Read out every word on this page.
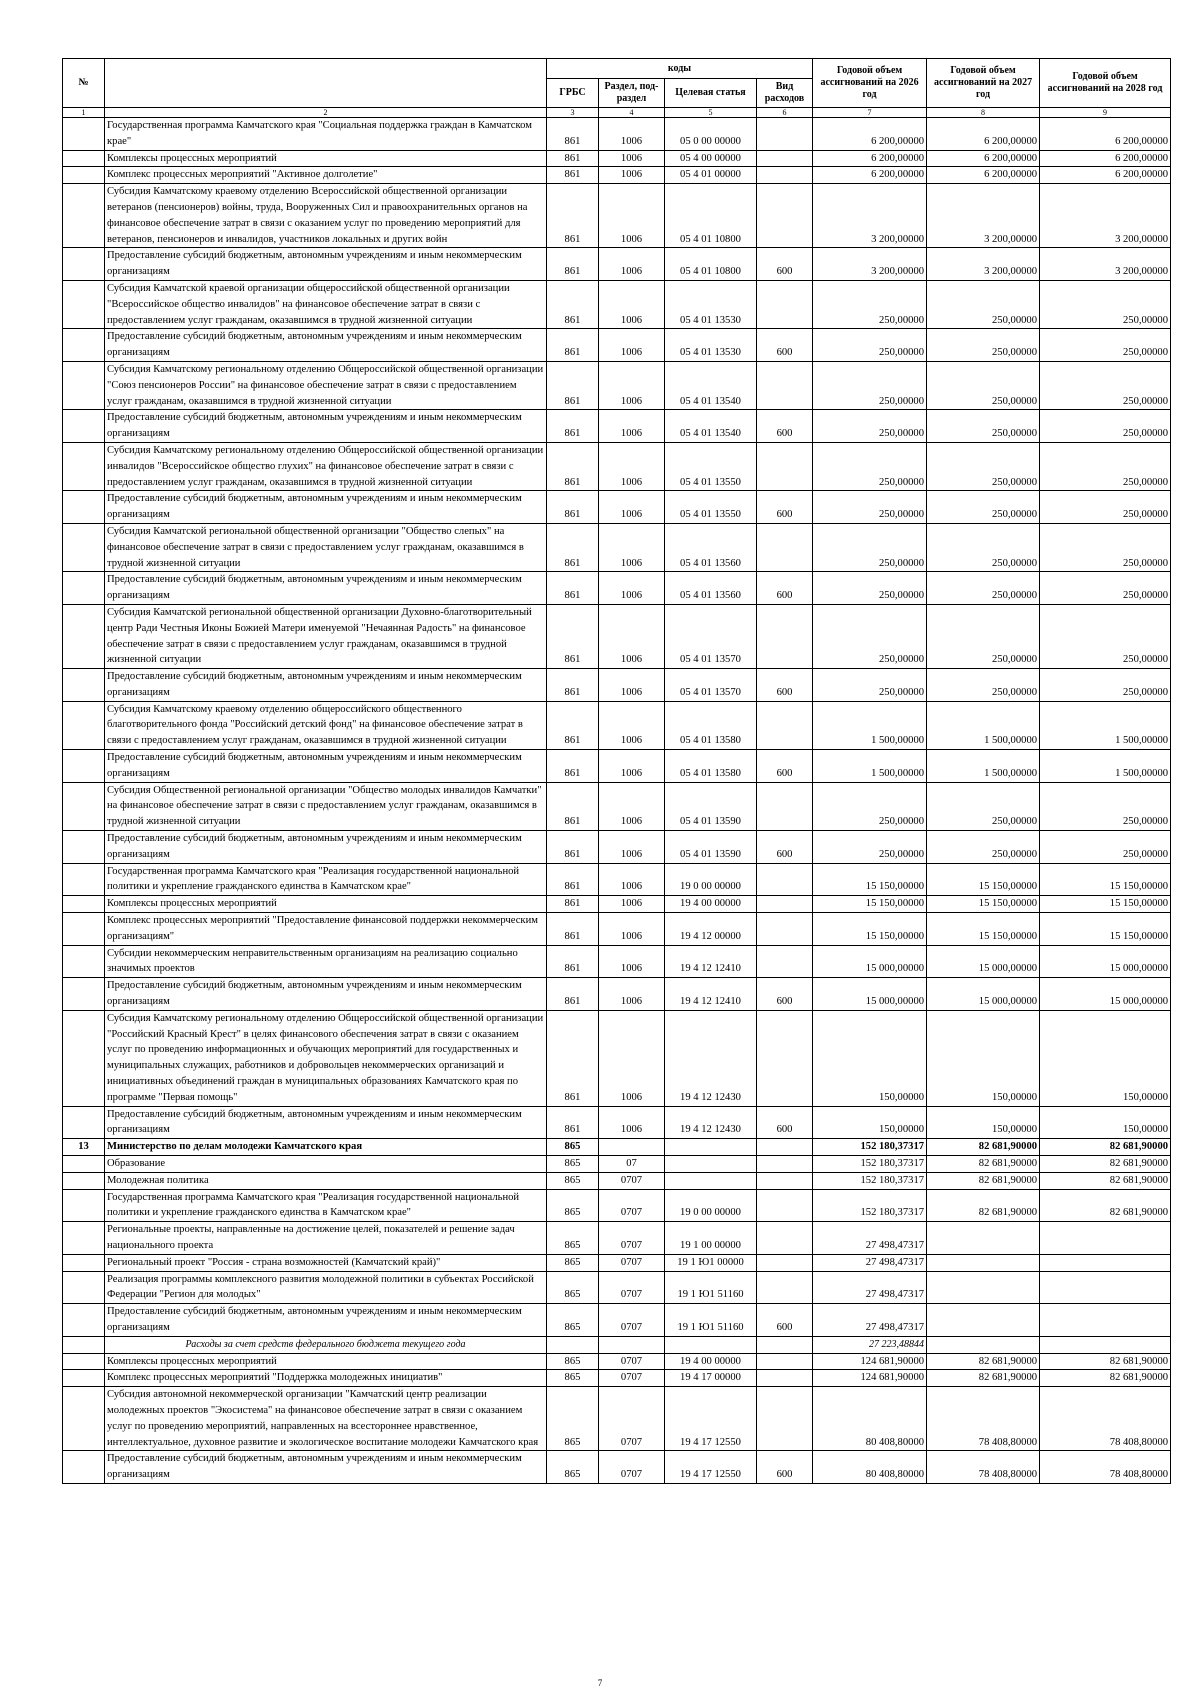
№		коды				Годовой объем ассигнований на 2026 год	Годовой объем ассигнований на 2027 год	Годовой объем ассигнований на 2028 год
		ГРБС	Раздел, под-раздел	Целевая статья	Вид расходов			
1	2	3	4	5	6	7	8	9
	Государственная программа Камчатского края "Социальная поддержка граждан в Камчатском крае"	861	1006	05 0 00 00000		6 200,00000	6 200,00000	6 200,00000
	Комплексы процессных мероприятий	861	1006	05 4 00 00000		6 200,00000	6 200,00000	6 200,00000
	Комплекс процессных мероприятий "Активное долголетие"	861	1006	05 4 01 00000		6 200,00000	6 200,00000	6 200,00000
	Субсидия Камчатскому краевому отделению Всероссийской общественной организации ветеранов (пенсионеров) войны, труда, Вооруженных Сил и правоохранительных органов на финансовое обеспечение затрат в связи с оказанием услуг по проведению мероприятий для ветеранов, пенсионеров и инвалидов, участников локальных и других войн	861	1006	05 4 01 10800		3 200,00000	3 200,00000	3 200,00000
	Предоставление субсидий бюджетным, автономным учреждениям и иным некоммерческим организациям	861	1006	05 4 01 10800	600	3 200,00000	3 200,00000	3 200,00000
	Субсидия Камчатской краевой организации общероссийской общественной организации "Всероссийское общество инвалидов" на финансовое обеспечение затрат в связи с предоставлением услуг гражданам, оказавшимся в трудной жизненной ситуации	861	1006	05 4 01 13530		250,00000	250,00000	250,00000
	Предоставление субсидий бюджетным, автономным учреждениям и иным некоммерческим организациям	861	1006	05 4 01 13530	600	250,00000	250,00000	250,00000
	Субсидия Камчатскому региональному отделению Общероссийской общественной организации "Союз пенсионеров России" на финансовое обеспечение затрат в связи с предоставлением услуг гражданам, оказавшимся в трудной жизненной ситуации	861	1006	05 4 01 13540		250,00000	250,00000	250,00000
	Предоставление субсидий бюджетным, автономным учреждениям и иным некоммерческим организациям	861	1006	05 4 01 13540	600	250,00000	250,00000	250,00000
	Субсидия Камчатскому региональному отделению Общероссийской общественной организации инвалидов "Всероссийское общество глухих" на финансовое обеспечение затрат в связи с предоставлением услуг гражданам, оказавшимся в трудной жизненной ситуации	861	1006	05 4 01 13550		250,00000	250,00000	250,00000
	Предоставление субсидий бюджетным, автономным учреждениям и иным некоммерческим организациям	861	1006	05 4 01 13550	600	250,00000	250,00000	250,00000
	Субсидия Камчатской региональной общественной организации "Общество слепых" на финансовое обеспечение затрат в связи с предоставлением услуг гражданам, оказавшимся в трудной жизненной ситуации	861	1006	05 4 01 13560		250,00000	250,00000	250,00000
	Предоставление субсидий бюджетным, автономным учреждениям и иным некоммерческим организациям	861	1006	05 4 01 13560	600	250,00000	250,00000	250,00000
	Субсидия Камчатской региональной общественной организации Духовно-благотворительный центр Ради Честныя Иконы Божией Матери именуемой "Нечаянная Радость" на финансовое обеспечение затрат в связи с предоставлением услуг гражданам, оказавшимся в трудной жизненной ситуации	861	1006	05 4 01 13570		250,00000	250,00000	250,00000
	Предоставление субсидий бюджетным, автономным учреждениям и иным некоммерческим организациям	861	1006	05 4 01 13570	600	250,00000	250,00000	250,00000
	Субсидия Камчатскому краевому отделению общероссийского общественного благотворительного фонда "Российский детский фонд" на финансовое обеспечение затрат в связи с предоставлением услуг гражданам, оказавшимся в трудной жизненной ситуации	861	1006	05 4 01 13580		1 500,00000	1 500,00000	1 500,00000
	Предоставление субсидий бюджетным, автономным учреждениям и иным некоммерческим организациям	861	1006	05 4 01 13580	600	1 500,00000	1 500,00000	1 500,00000
	Субсидия Общественной региональной организации "Общество молодых инвалидов Камчатки" на финансовое обеспечение затрат в связи с предоставлением услуг гражданам, оказавшимся в трудной жизненной ситуации	861	1006	05 4 01 13590		250,00000	250,00000	250,00000
	Предоставление субсидий бюджетным, автономным учреждениям и иным некоммерческим организациям	861	1006	05 4 01 13590	600	250,00000	250,00000	250,00000
	Государственная программа Камчатского края "Реализация государственной национальной политики и укрепление гражданского единства в Камчатском крае"	861	1006	19 0 00 00000		15 150,00000	15 150,00000	15 150,00000
	Комплексы процессных мероприятий	861	1006	19 4 00 00000		15 150,00000	15 150,00000	15 150,00000
	Комплекс процессных мероприятий "Предоставление финансовой поддержки некоммерческим организациям"	861	1006	19 4 12 00000		15 150,00000	15 150,00000	15 150,00000
	Субсидии некоммерческим неправительственным организациям на реализацию социально значимых проектов	861	1006	19 4 12 12410		15 000,00000	15 000,00000	15 000,00000
	Предоставление субсидий бюджетным, автономным учреждениям и иным некоммерческим организациям	861	1006	19 4 12 12410	600	15 000,00000	15 000,00000	15 000,00000
	Субсидия Камчатскому региональному отделению Общероссийской общественной организации "Российский Красный Крест" в целях финансового обеспечения затрат в связи с оказанием услуг по проведению информационных и обучающих мероприятий для государственных и муниципальных служащих, работников и добровольцев некоммерческих организаций и инициативных объединений граждан в муниципальных образованиях Камчатского края по программе "Первая помощь"	861	1006	19 4 12 12430		150,00000	150,00000	150,00000
	Предоставление субсидий бюджетным, автономным учреждениям и иным некоммерческим организациям	861	1006	19 4 12 12430	600	150,00000	150,00000	150,00000
13	Министерство по делам молодежи Камчатского края	865				152 180,37317	82 681,90000	82 681,90000
	Образование	865	07			152 180,37317	82 681,90000	82 681,90000
	Молодежная политика	865	0707			152 180,37317	82 681,90000	82 681,90000
	Государственная программа Камчатского края "Реализация государственной национальной политики и укрепление гражданского единства в Камчатском крае"	865	0707	19 0 00 00000		152 180,37317	82 681,90000	82 681,90000
	Региональные проекты, направленные на достижение целей, показателей и решение задач национального проекта	865	0707	19 1 00 00000		27 498,47317		
	Региональный проект "Россия - страна возможностей (Камчатский край)"	865	0707	19 1 Ю1 00000		27 498,47317		
	Реализация программы комплексного развития молодежной политики в субъектах Российской Федерации "Регион для молодых"	865	0707	19 1 Ю1 51160		27 498,47317		
	Предоставление субсидий бюджетным, автономным учреждениям и иным некоммерческим организациям	865	0707	19 1 Ю1 51160	600	27 498,47317		
	Расходы за счет средств федерального бюджета текущего года					27 223,48844		
	Комплексы процессных мероприятий	865	0707	19 4 00 00000		124 681,90000	82 681,90000	82 681,90000
	Комплекс процессных мероприятий "Поддержка молодежных инициатив"	865	0707	19 4 17 00000		124 681,90000	82 681,90000	82 681,90000
	Субсидия автономной некоммерческой организации "Камчатский центр реализации молодежных проектов "Экосистема" на финансовое обеспечение затрат в связи с оказанием услуг по проведению мероприятий, направленных на всестороннее нравственное, интеллектуальное, духовное развитие и экологическое воспитание молодежи Камчатского края	865	0707	19 4 17 12550		80 408,80000	78 408,80000	78 408,80000
	Предоставление субсидий бюджетным, автономным учреждениям и иным некоммерческим организациям	865	0707	19 4 17 12550	600	80 408,80000	78 408,80000	78 408,80000
7
